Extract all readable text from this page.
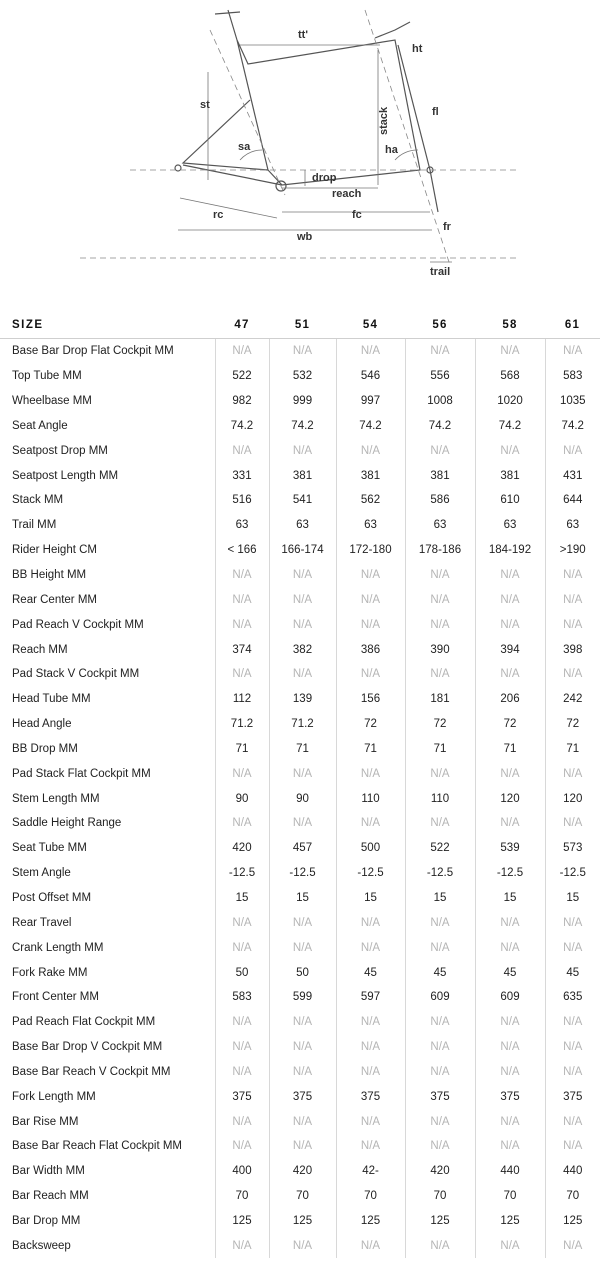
tt'
ht
st
stack	fl
sa	ha
drop
reach
rc	fc
fr
wb
trail
SIZE	47	51	54	56	58	61
Base Bar Drop Flat Cockpit MM	N/A	N/A	N/A	N/A	N/A	N/A
Top Tube MM	522	532	546	556	568	583
Wheelbase MM	982	999	997	1008	1020	1035
Seat Angle	74.2	74.2	74.2	74.2	74.2	74.2
Seatpost Drop MM	N/A	N/A	N/A	N/A	N/A	N/A
Seatpost Length MM	331	381	381	381	381	431
Stack MM	516	541	562	586	610	644
Trail MM	63	63	63	63	63	63
Rider Height CM	< 166	166-174	172-180	178-186	184-192	>190
BB Height MM	N/A	N/A	N/A	N/A	N/A	N/A
Rear Center MM	N/A	N/A	N/A	N/A	N/A	N/A
Pad Reach V Cockpit MM	N/A	N/A	N/A	N/A	N/A	N/A
Reach MM	374	382	386	390	394	398
Pad Stack V Cockpit MM	N/A	N/A	N/A	N/A	N/A	N/A
Head Tube MM	112	139	156	181	206	242
Head Angle	71.2	71.2	72	72	72	72
BB Drop MM	71	71	71	71	71	71
Pad Stack Flat Cockpit MM	N/A	N/A	N/A	N/A	N/A	N/A
Stem Length MM	90	90	110	110	120	120
Saddle Height Range	N/A	N/A	N/A	N/A	N/A	N/A
Seat Tube MM	420	457	500	522	539	573
Stem Angle	-12.5	-12.5	-12.5	-12.5	-12.5	-12.5
Post Offset MM	15	15	15	15	15	15
Rear Travel	N/A	N/A	N/A	N/A	N/A	N/A
Crank Length MM	N/A	N/A	N/A	N/A	N/A	N/A
Fork Rake MM	50	50	45	45	45	45
Front Center MM	583	599	597	609	609	635
Pad Reach Flat Cockpit MM	N/A	N/A	N/A	N/A	N/A	N/A
Base Bar Drop V Cockpit MM	N/A	N/A	N/A	N/A	N/A	N/A
Base Bar Reach V Cockpit MM	N/A	N/A	N/A	N/A	N/A	N/A
Fork Length MM	375	375	375	375	375	375
Bar Rise MM	N/A	N/A	N/A	N/A	N/A	N/A
Base Bar Reach Flat Cockpit MM	N/A	N/A	N/A	N/A	N/A	N/A
Bar Width MM	400	420	42-	420	440	440
Bar Reach MM	70	70	70	70	70	70
Bar Drop MM	125	125	125	125	125	125
Backsweep	N/A	N/A	N/A	N/A	N/A	N/A
